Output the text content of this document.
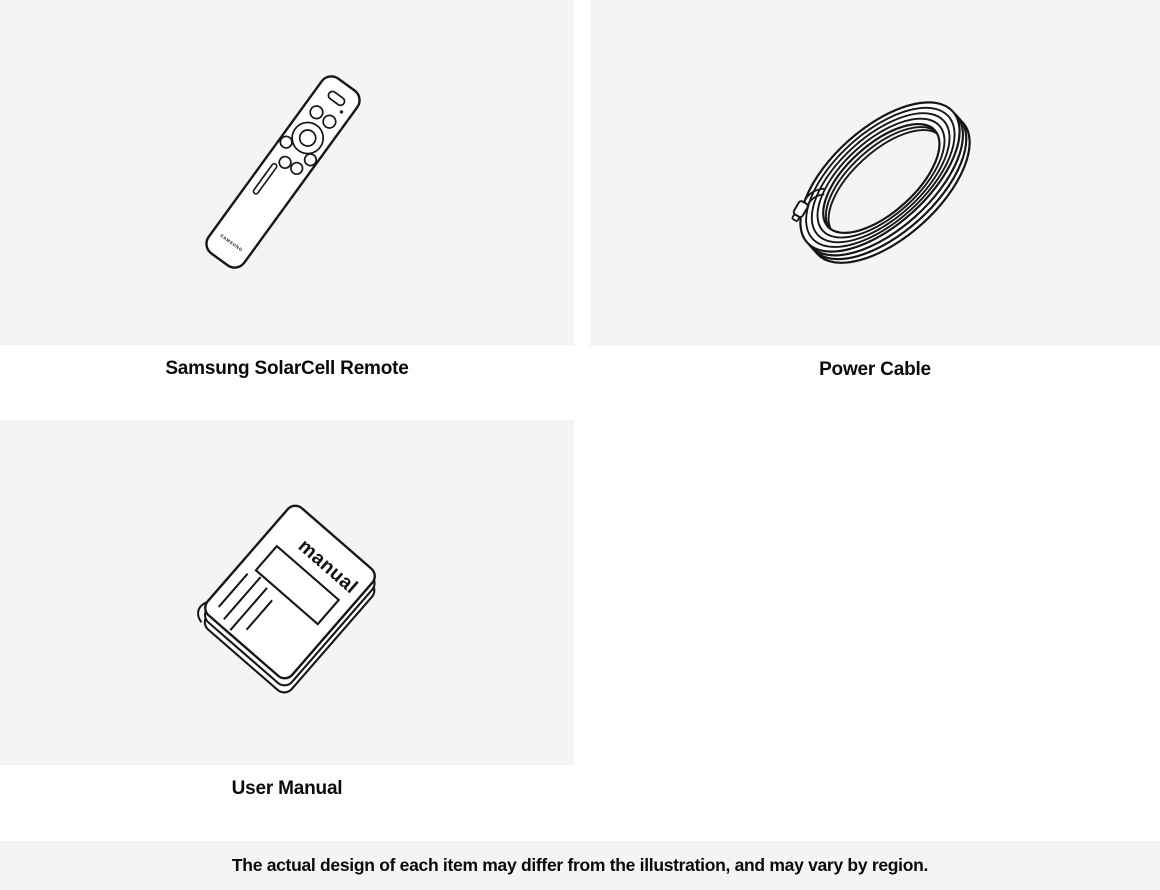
SAMSUNG
manual
Samsung SolarCell Remote	Power Cable
User Manual
The actual design of each item may differ from the illustration, and may vary by region.
